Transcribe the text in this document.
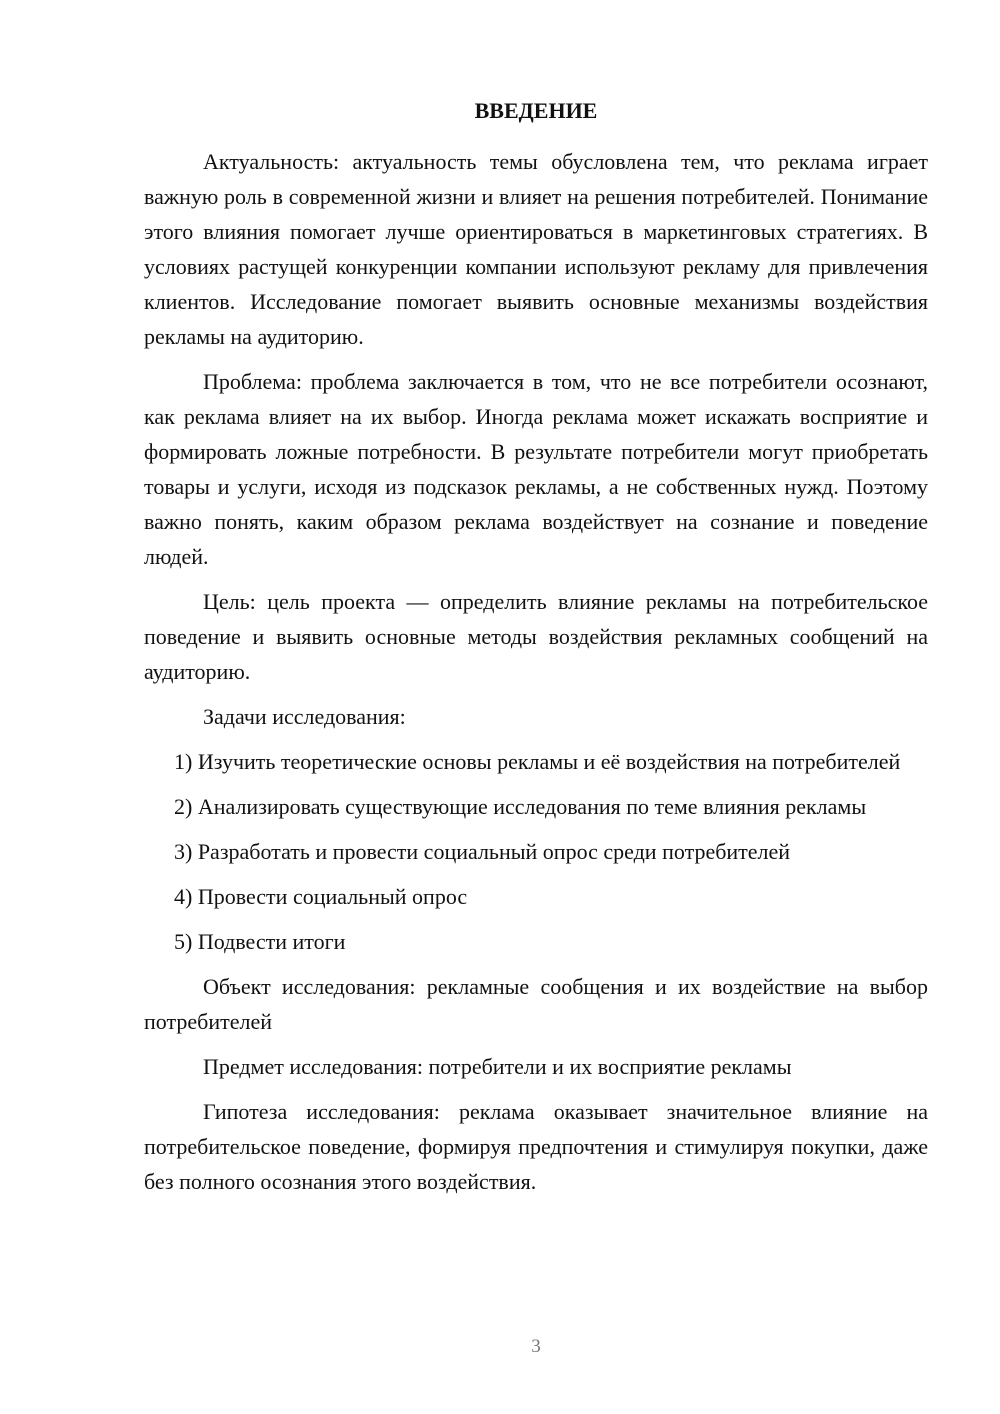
ВВЕДЕНИЕ

Актуальность: актуальность темы обусловлена тем, что реклама играет важную роль в современной жизни и влияет на решения потребителей. Понимание этого влияния помогает лучше ориентироваться в маркетинговых стратегиях. В условиях растущей конкуренции компании используют рекламу для привлечения клиентов. Исследование помогает выявить основные механизмы воздействия рекламы на аудиторию.

Проблема: проблема заключается в том, что не все потребители осознают, как реклама влияет на их выбор. Иногда реклама может искажать восприятие и формировать ложные потребности. В результате потребители могут приобретать товары и услуги, исходя из подсказок рекламы, а не собственных нужд. Поэтому важно понять, каким образом реклама воздействует на сознание и поведение людей.

Цель: цель проекта — определить влияние рекламы на потребительское поведение и выявить основные методы воздействия рекламных сообщений на аудиторию.

Задачи исследования:

1) Изучить теоретические основы рекламы и её воздействия на потребителей

2) Анализировать существующие исследования по теме влияния рекламы

3) Разработать и провести социальный опрос среди потребителей

4) Провести социальный опрос

5) Подвести итоги

Объект исследования: рекламные сообщения и их воздействие на выбор потребителей

Предмет исследования: потребители и их восприятие рекламы

Гипотеза исследования: реклама оказывает значительное влияние на потребительское поведение, формируя предпочтения и стимулируя покупки, даже без полного осознания этого воздействия.

3
